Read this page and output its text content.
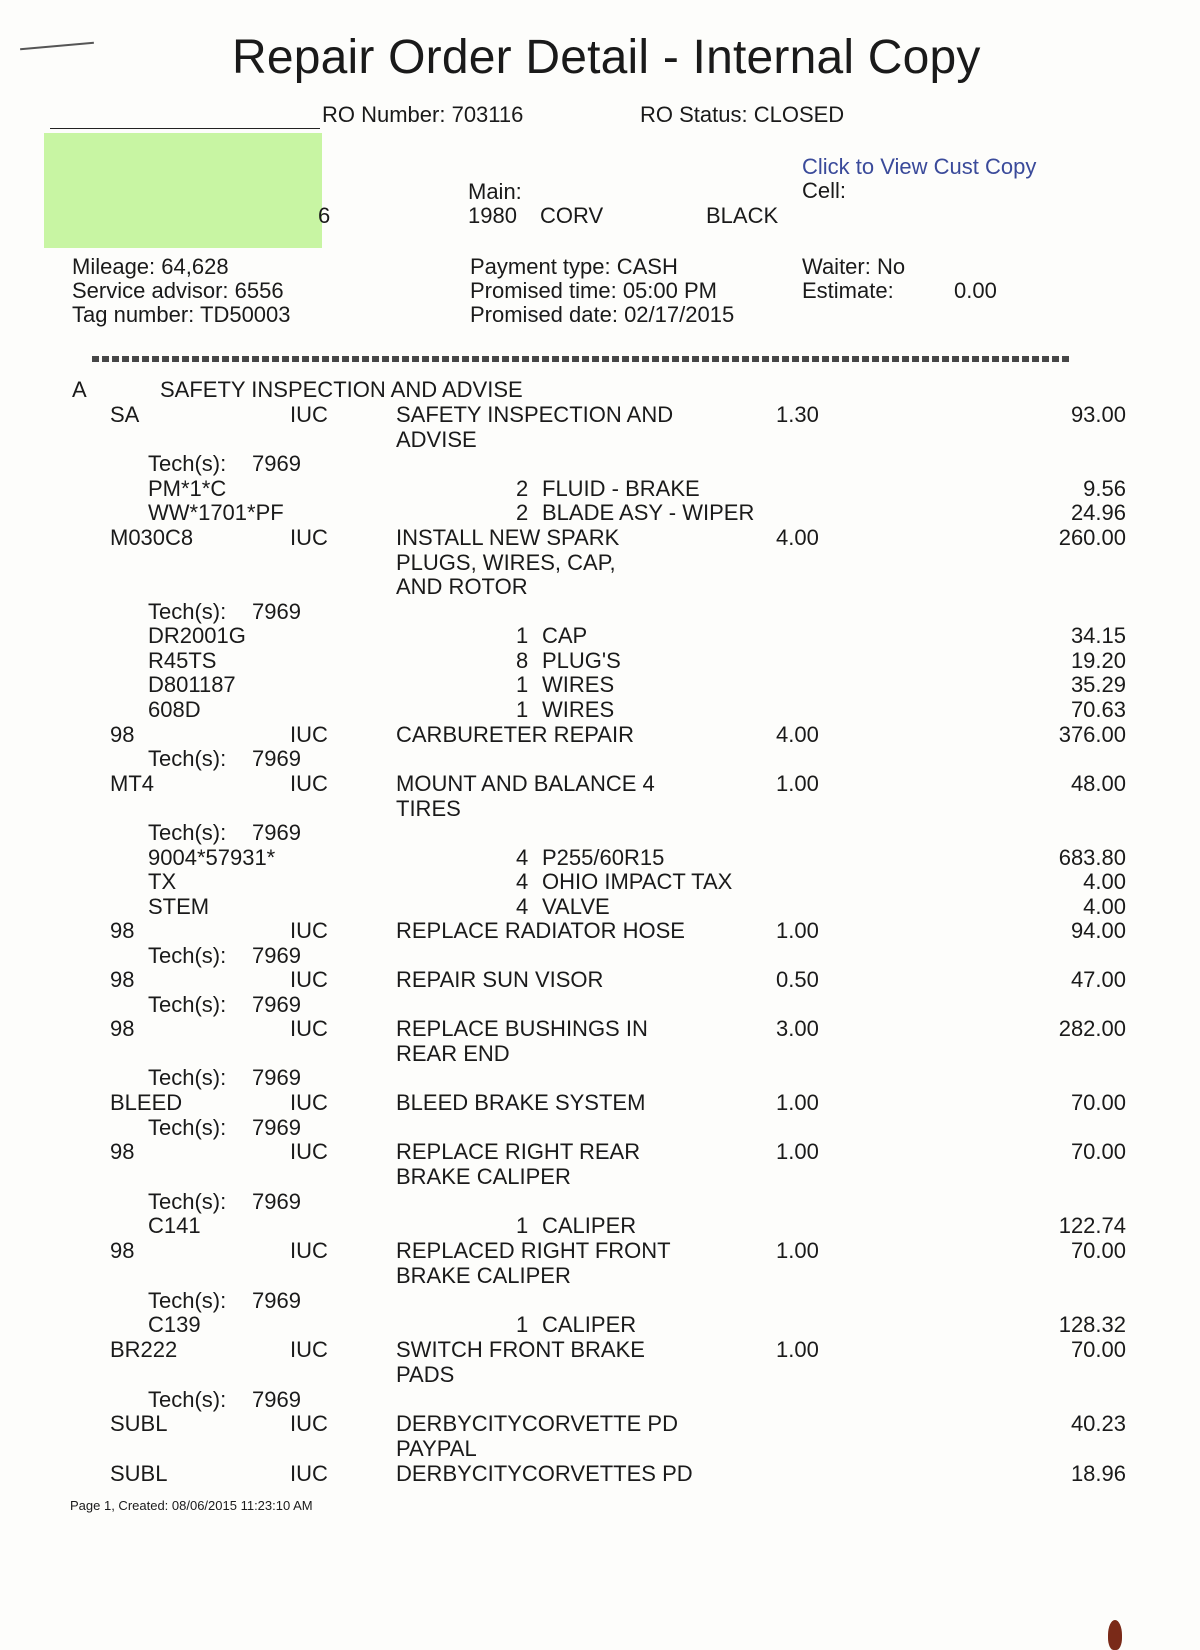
Repair Order Detail - Internal Copy
RO Number: 703116	RO Status: CLOSED
Click to View Cust Copy
Cell:
6
Main:
1980 CORV	BLACK
Mileage: 64,628
Service advisor: 6556
Tag number: TD50003
Payment type: CASH
Promised time: 05:00 PM
Promised date: 02/17/2015
Waiter: No
Estimate:	0.00
A	SAFETY INSPECTION AND ADVISE
SA	IUC	SAFETY INSPECTION AND	1.30	93.00
ADVISE
Tech(s): 7969
PM*1*C	2 FLUID - BRAKE	9.56
WW*1701*PF	2 BLADE ASY - WIPER	24.96
M030C8	IUC	INSTALL NEW SPARK	4.00	260.00
PLUGS, WIRES, CAP,
AND ROTOR
Tech(s): 7969
DR2001G	1 CAP	34.15
R45TS	8 PLUG'S	19.20
D801187	1 WIRES	35.29
608D	1 WIRES	70.63
98	IUC	CARBURETER REPAIR	4.00	376.00
Tech(s): 7969
MT4	IUC	MOUNT AND BALANCE 4	1.00	48.00
TIRES
Tech(s): 7969
9004*57931*	4 P255/60R15	683.80
TX	4 OHIO IMPACT TAX	4.00
STEM	4 VALVE	4.00
98	IUC	REPLACE RADIATOR HOSE	1.00	94.00
Tech(s): 7969
98	IUC	REPAIR SUN VISOR	0.50	47.00
Tech(s): 7969
98	IUC	REPLACE BUSHINGS IN	3.00	282.00
REAR END
Tech(s): 7969
BLEED	IUC	BLEED BRAKE SYSTEM	1.00	70.00
Tech(s): 7969
98	IUC	REPLACE RIGHT REAR	1.00	70.00
BRAKE CALIPER
Tech(s): 7969
C141	1 CALIPER	122.74
98	IUC	REPLACED RIGHT FRONT	1.00	70.00
BRAKE CALIPER
Tech(s): 7969
C139	1 CALIPER	128.32
BR222	IUC	SWITCH FRONT BRAKE	1.00	70.00
PADS
Tech(s): 7969
SUBL	IUC	DERBYCITYCORVETTE PD	40.23
PAYPAL
SUBL	IUC	DERBYCITYCORVETTES PD	18.96
Page 1, Created: 08/06/2015 11:23:10 AM
